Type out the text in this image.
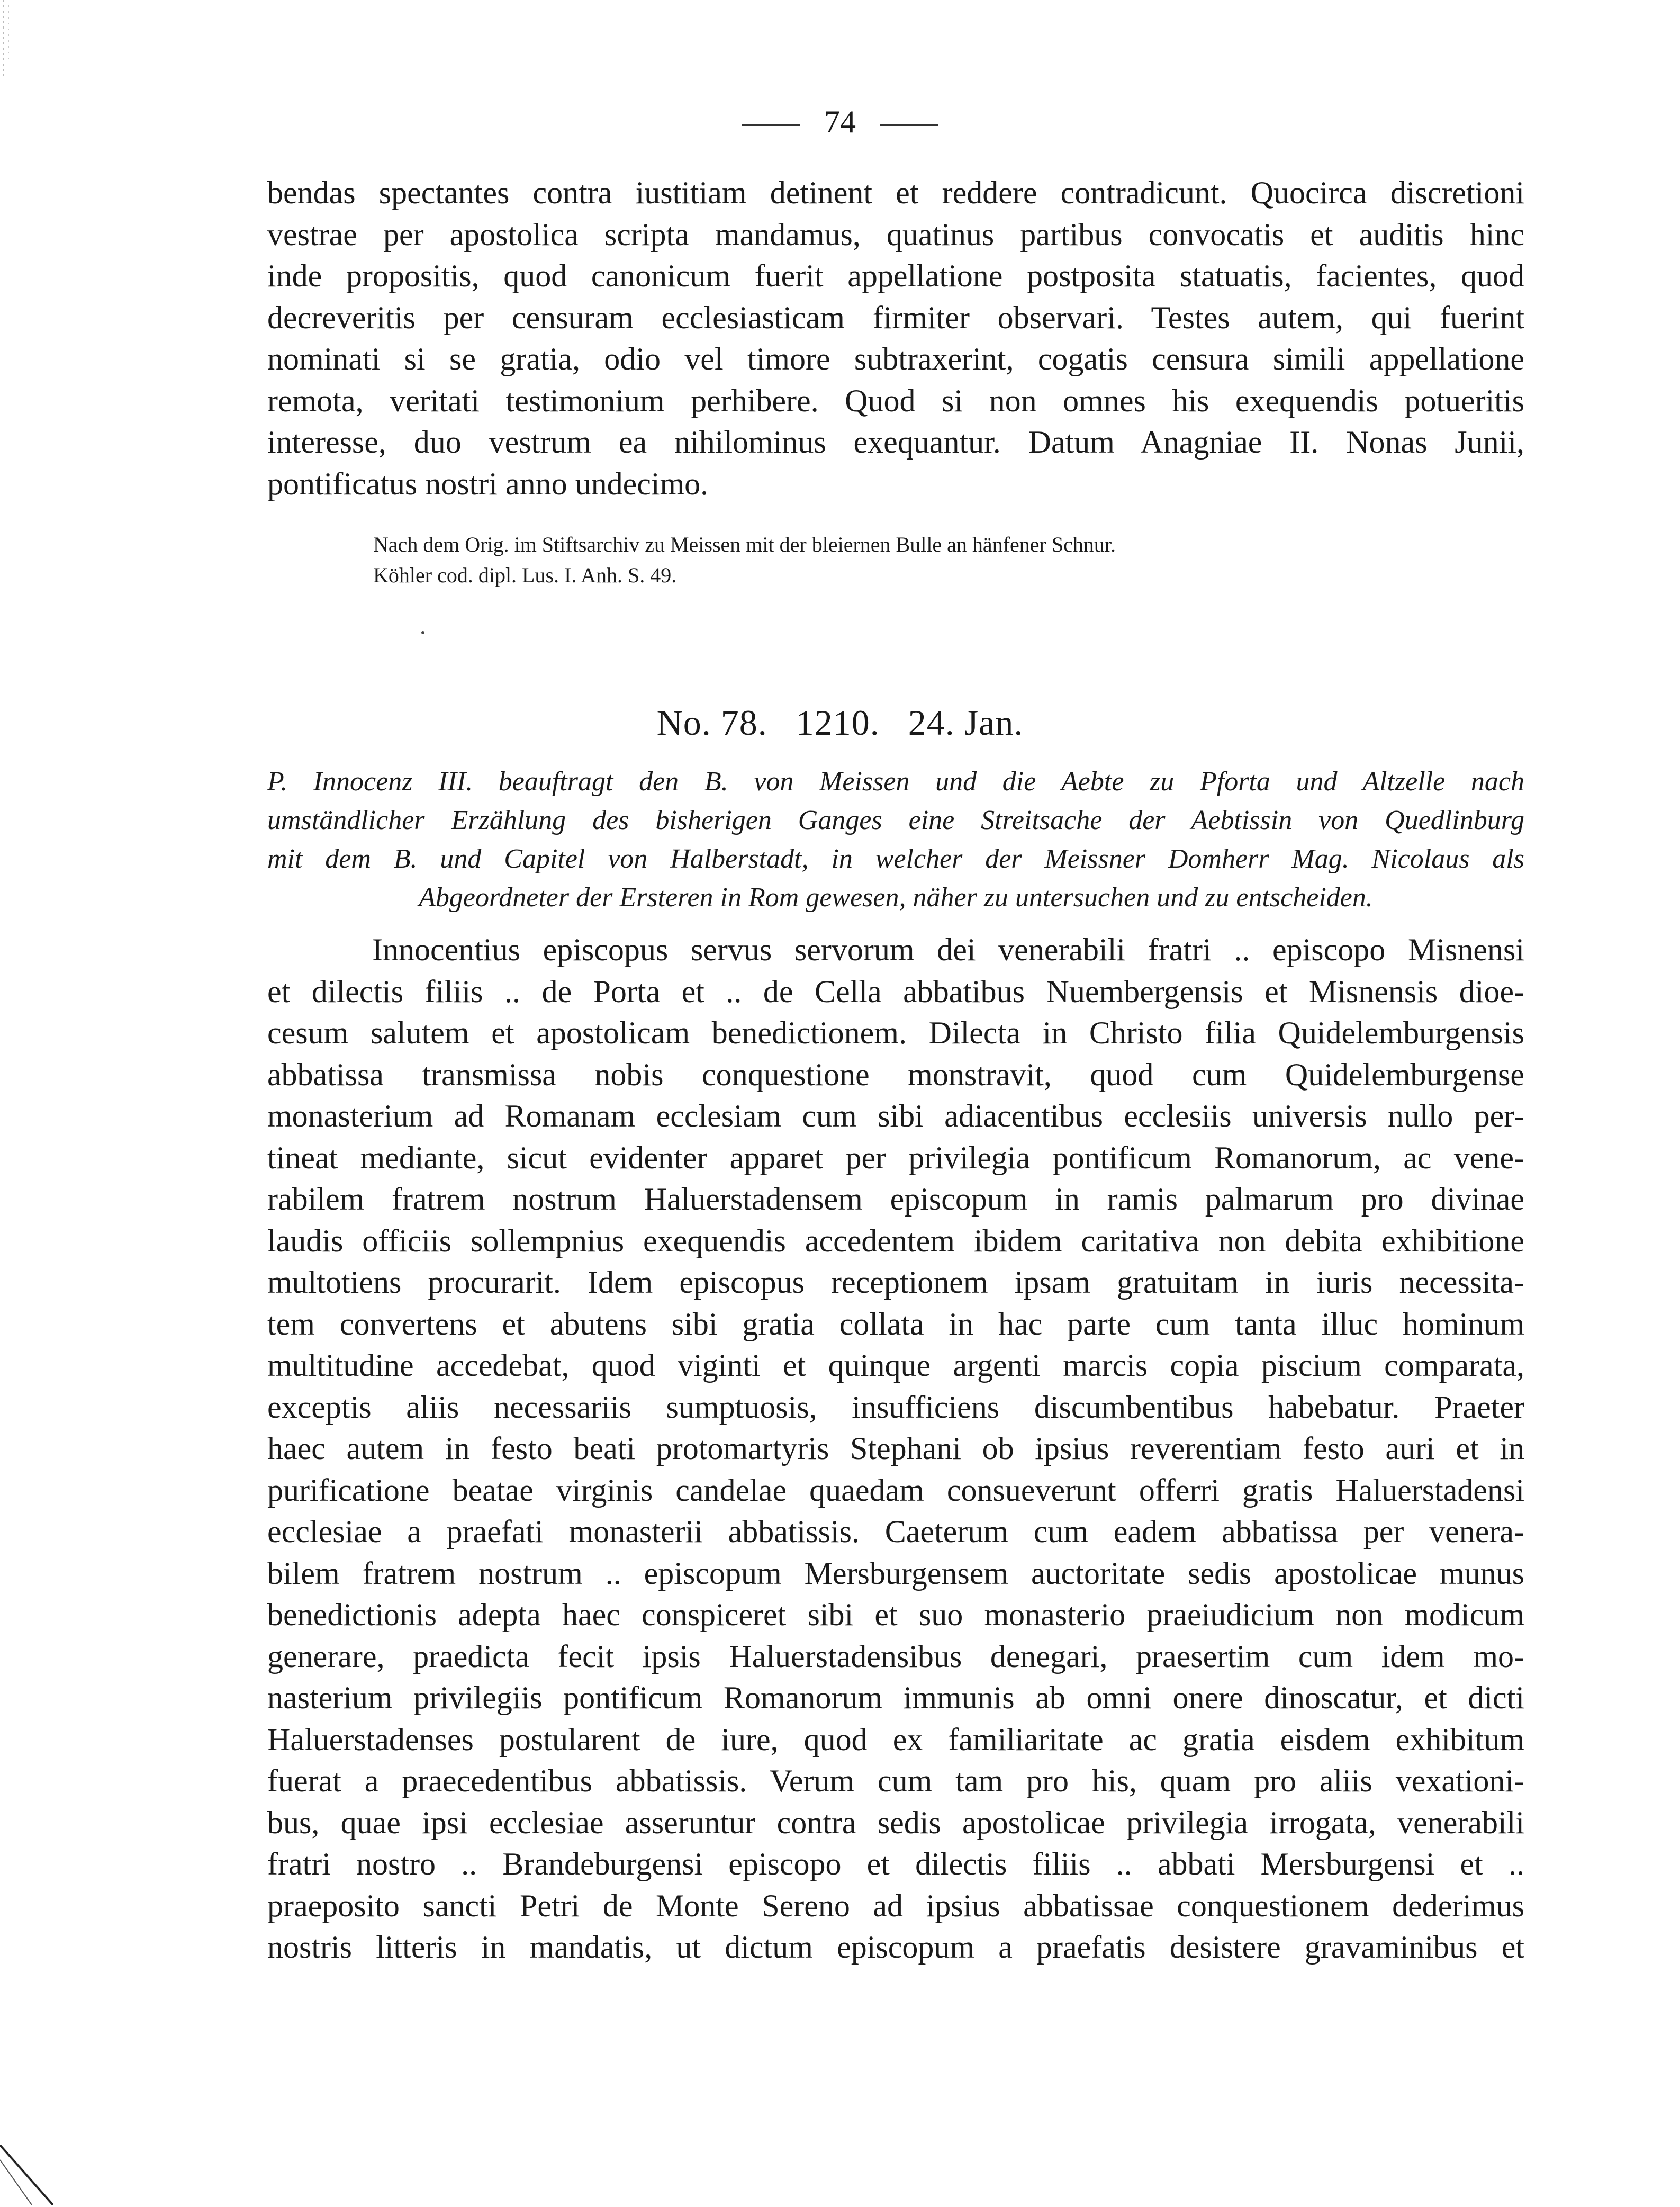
74
bendas spectantes contra iustitiam detinent et reddere contradicunt. Quocirca discretioni
vestrae per apostolica scripta mandamus, quatinus partibus convocatis et auditis hinc
inde propositis, quod canonicum fuerit appellatione postposita statuatis, facientes, quod
decreveritis per censuram ecclesiasticam firmiter observari. Testes autem, qui fuerint
nominati si se gratia, odio vel timore subtraxerint, cogatis censura simili appellatione
remota, veritati testimonium perhibere. Quod si non omnes his exequendis potueritis
interesse, duo vestrum ea nihilominus exequantur. Datum Anagniae II. Nonas Junii,
pontificatus nostri anno undecimo.
Nach dem Orig. im Stiftsarchiv zu Meissen mit der bleiernen Bulle an hänfener Schnur.
Köhler cod. dipl. Lus. I. Anh. S. 49.
No. 78.   1210.   24. Jan.
P. Innocenz III. beauftragt den B. von Meissen und die Aebte zu Pforta und Altzelle nach
umständlicher Erzählung des bisherigen Ganges eine Streitsache der Aebtissin von Quedlinburg
mit dem B. und Capitel von Halberstadt, in welcher der Meissner Domherr Mag. Nicolaus als
Abgeordneter der Ersteren in Rom gewesen, näher zu untersuchen und zu entscheiden.
Innocentius episcopus servus servorum dei venerabili fratri .. episcopo Misnensi
et dilectis filiis .. de Porta et .. de Cella abbatibus Nuembergensis et Misnensis dioe-
cesum salutem et apostolicam benedictionem. Dilecta in Christo filia Quidelemburgensis
abbatissa transmissa nobis conquestione monstravit, quod cum Quidelemburgense
monasterium ad Romanam ecclesiam cum sibi adiacentibus ecclesiis universis nullo per-
tineat mediante, sicut evidenter apparet per privilegia pontificum Romanorum, ac vene-
rabilem fratrem nostrum Haluerstadensem episcopum in ramis palmarum pro divinae
laudis officiis sollempnius exequendis accedentem ibidem caritativa non debita exhibitione
multotiens procurarit. Idem episcopus receptionem ipsam gratuitam in iuris necessita-
tem convertens et abutens sibi gratia collata in hac parte cum tanta illuc hominum
multitudine accedebat, quod viginti et quinque argenti marcis copia piscium comparata,
exceptis aliis necessariis sumptuosis, insufficiens discumbentibus habebatur. Praeter
haec autem in festo beati protomartyris Stephani ob ipsius reverentiam festo auri et in
purificatione beatae virginis candelae quaedam consueverunt offerri gratis Haluerstadensi
ecclesiae a praefati monasterii abbatissis. Caeterum cum eadem abbatissa per venera-
bilem fratrem nostrum .. episcopum Mersburgensem auctoritate sedis apostolicae munus
benedictionis adepta haec conspiceret sibi et suo monasterio praeiudicium non modicum
generare, praedicta fecit ipsis Haluerstadensibus denegari, praesertim cum idem mo-
nasterium privilegiis pontificum Romanorum immunis ab omni onere dinoscatur, et dicti
Haluerstadenses postularent de iure, quod ex familiaritate ac gratia eisdem exhibitum
fuerat a praecedentibus abbatissis. Verum cum tam pro his, quam pro aliis vexationi-
bus, quae ipsi ecclesiae asseruntur contra sedis apostolicae privilegia irrogata, venerabili
fratri nostro .. Brandeburgensi episcopo et dilectis filiis .. abbati Mersburgensi et ..
praeposito sancti Petri de Monte Sereno ad ipsius abbatissae conquestionem dederimus
nostris litteris in mandatis, ut dictum episcopum a praefatis desistere gravaminibus et
